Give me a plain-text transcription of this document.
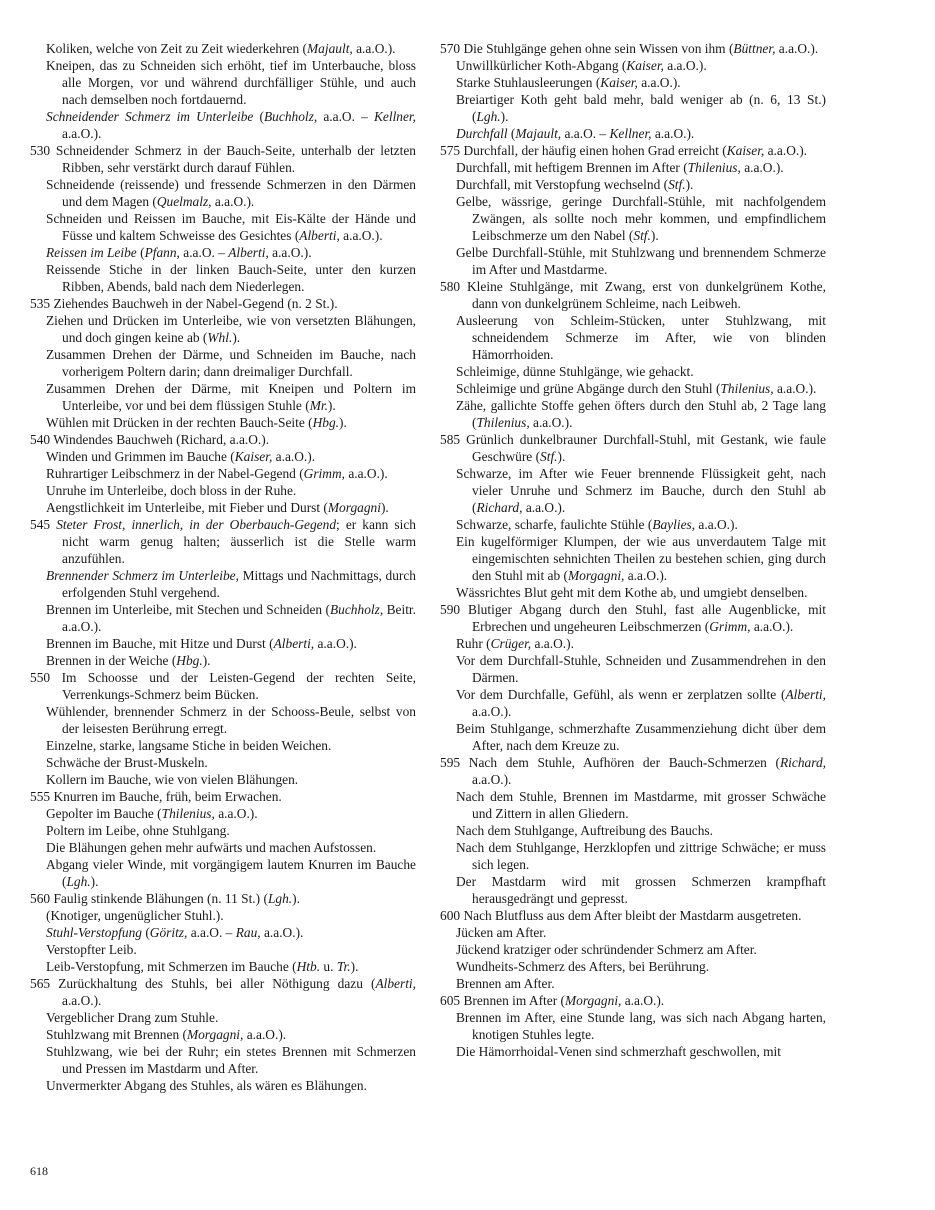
Koliken, welche von Zeit zu Zeit wiederkehren (Majault, a.a.O.).

Kneipen, das zu Schneiden sich erhöht, tief im Unterbauche, bloss alle Morgen, vor und während durchfälliger Stühle, und auch nach demselben noch fortdauernd.

Schneidender Schmerz im Unterleibe (Buchholz, a.a.O. – Kellner, a.a.O.).

530 Schneidender Schmerz in der Bauch-Seite, unterhalb der letzten Ribben, sehr verstärkt durch darauf Fühlen.

Schneidende (reissende) und fressende Schmerzen in den Därmen und dem Magen (Quelmalz, a.a.O.).

Schneiden und Reissen im Bauche, mit Eis-Kälte der Hände und Füsse und kaltem Schweisse des Gesichtes (Alberti, a.a.O.).

Reissen im Leibe (Pfann, a.a.O. – Alberti, a.a.O.).

Reissende Stiche in der linken Bauch-Seite, unter den kurzen Ribben, Abends, bald nach dem Niederlegen.

535 Ziehendes Bauchweh in der Nabel-Gegend (n. 2 St.).

Ziehen und Drücken im Unterleibe, wie von versetzten Blähungen, und doch gingen keine ab (Whl.).

Zusammen Drehen der Därme, und Schneiden im Bauche, nach vorherigem Poltern darin; dann dreimaliger Durchfall.

Zusammen Drehen der Därme, mit Kneipen und Poltern im Unterleibe, vor und bei dem flüssigen Stuhle (Mr.).

Wühlen mit Drücken in der rechten Bauch-Seite (Hbg.).

540 Windendes Bauchweh (Richard, a.a.O.).

Winden und Grimmen im Bauche (Kaiser, a.a.O.).

Ruhrartiger Leibschmerz in der Nabel-Gegend (Grimm, a.a.O.).

Unruhe im Unterleibe, doch bloss in der Ruhe.

Aengstlichkeit im Unterleibe, mit Fieber und Durst (Morgagni).

545 Steter Frost, innerlich, in der Oberbauch-Gegend; er kann sich nicht warm genug halten; äusserlich ist die Stelle warm anzufühlen.

Brennender Schmerz im Unterleibe, Mittags und Nachmittags, durch erfolgenden Stuhl vergehend.

Brennen im Unterleibe, mit Stechen und Schneiden (Buchholz, Beitr. a.a.O.).

Brennen im Bauche, mit Hitze und Durst (Alberti, a.a.O.).

Brennen in der Weiche (Hbg.).

550 Im Schoosse und der Leisten-Gegend der rechten Seite, Verrenkungs-Schmerz beim Bücken.

Wühlender, brennender Schmerz in der Schooss-Beule, selbst von der leisesten Berührung erregt.

Einzelne, starke, langsame Stiche in beiden Weichen.

Schwäche der Brust-Muskeln.

Kollern im Bauche, wie von vielen Blähungen.

555 Knurren im Bauche, früh, beim Erwachen.

Gepolter im Bauche (Thilenius, a.a.O.).

Poltern im Leibe, ohne Stuhlgang.

Die Blähungen gehen mehr aufwärts und machen Aufstossen.

Abgang vieler Winde, mit vorgängigem lautem Knurren im Bauche (Lgh.).

560 Faulig stinkende Blähungen (n. 11 St.) (Lgh.).

(Knotiger, ungenüglicher Stuhl.).

Stuhl-Verstopfung (Göritz, a.a.O. – Rau, a.a.O.).

Verstopfter Leib.

Leib-Verstopfung, mit Schmerzen im Bauche (Htb. u. Tr.).

565 Zurückhaltung des Stuhls, bei aller Nöthigung dazu (Alberti, a.a.O.).

Vergeblicher Drang zum Stuhle.

Stuhlzwang mit Brennen (Morgagni, a.a.O.).

Stuhlzwang, wie bei der Ruhr; ein stetes Brennen mit Schmerzen und Pressen im Mastdarm und After.

Unvermerkter Abgang des Stuhles, als wären es Blähungen.

570 Die Stuhlgänge gehen ohne sein Wissen von ihm (Büttner, a.a.O.).

Unwillkürlicher Koth-Abgang (Kaiser, a.a.O.).

Starke Stuhlausleerungen (Kaiser, a.a.O.).

Breiartiger Koth geht bald mehr, bald weniger ab (n. 6, 13 St.) (Lgh.).

Durchfall (Majault, a.a.O. – Kellner, a.a.O.).

575 Durchfall, der häufig einen hohen Grad erreicht (Kaiser, a.a.O.).

Durchfall, mit heftigem Brennen im After (Thilenius, a.a.O.).

Durchfall, mit Verstopfung wechselnd (Stf.).

Gelbe, wässrige, geringe Durchfall-Stühle, mit nachfolgendem Zwängen, als sollte noch mehr kommen, und empfindlichem Leibschmerze um den Nabel (Stf.).

Gelbe Durchfall-Stühle, mit Stuhlzwang und brennendem Schmerze im After und Mastdarme.

580 Kleine Stuhlgänge, mit Zwang, erst von dunkelgrünem Kothe, dann von dunkelgrünem Schleime, nach Leibweh.

Ausleerung von Schleim-Stücken, unter Stuhlzwang, mit schneidendem Schmerze im After, wie von blinden Hämorrhoiden.

Schleimige, dünne Stuhlgänge, wie gehackt.

Schleimige und grüne Abgänge durch den Stuhl (Thilenius, a.a.O.).

Zähe, gallichte Stoffe gehen öfters durch den Stuhl ab, 2 Tage lang (Thilenius, a.a.O.).

585 Grünlich dunkelbrauner Durchfall-Stuhl, mit Gestank, wie faule Geschwüre (Stf.).

Schwarze, im After wie Feuer brennende Flüssigkeit geht, nach vieler Unruhe und Schmerz im Bauche, durch den Stuhl ab (Richard, a.a.O.).

Schwarze, scharfe, faulichte Stühle (Baylies, a.a.O.).

Ein kugelförmiger Klumpen, der wie aus unverdautem Talge mit eingemischten sehnichten Theilen zu bestehen schien, ging durch den Stuhl mit ab (Morgagni, a.a.O.).

Wässrichtes Blut geht mit dem Kothe ab, und umgiebt denselben.

590 Blutiger Abgang durch den Stuhl, fast alle Augenblicke, mit Erbrechen und ungeheuren Leibschmerzen (Grimm, a.a.O.).

Ruhr (Crüger, a.a.O.).

Vor dem Durchfall-Stuhle, Schneiden und Zusammendrehen in den Därmen.

Vor dem Durchfalle, Gefühl, als wenn er zerplatzen sollte (Alberti, a.a.O.).

Beim Stuhlgange, schmerzhafte Zusammenziehung dicht über dem After, nach dem Kreuze zu.

595 Nach dem Stuhle, Aufhören der Bauch-Schmerzen (Richard, a.a.O.).

Nach dem Stuhle, Brennen im Mastdarme, mit grosser Schwäche und Zittern in allen Gliedern.

Nach dem Stuhlgange, Auftreibung des Bauchs.

Nach dem Stuhlgange, Herzklopfen und zittrige Schwäche; er muss sich legen.

Der Mastdarm wird mit grossen Schmerzen krampfhaft herausgedrängt und gepresst.

600 Nach Blutfluss aus dem After bleibt der Mastdarm ausgetreten.

Jücken am After.

Jückend kratziger oder schründender Schmerz am After.

Wundheits-Schmerz des Afters, bei Berührung.

Brennen am After.

605 Brennen im After (Morgagni, a.a.O.).

Brennen im After, eine Stunde lang, was sich nach Abgang harten, knotigen Stuhles legte.

Die Hämorrhoidal-Venen sind schmerzhaft geschwollen, mit

618
